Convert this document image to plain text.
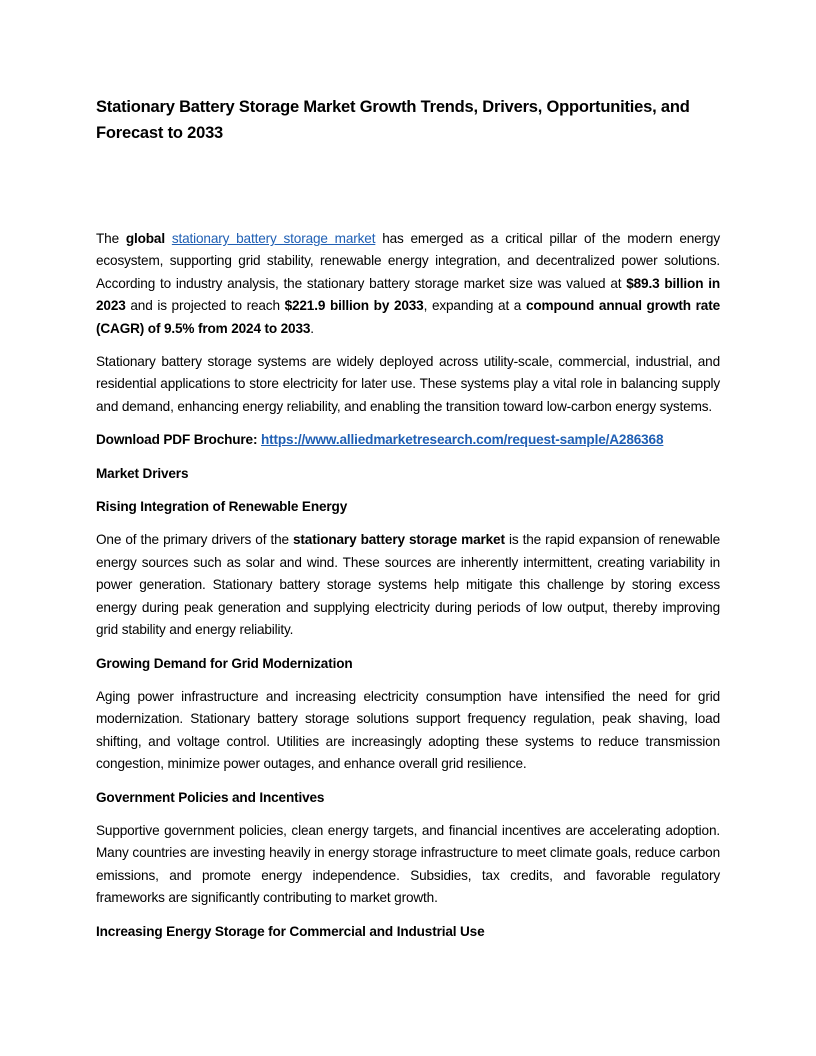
Stationary Battery Storage Market Growth Trends, Drivers, Opportunities, and Forecast to 2033

The global stationary battery storage market has emerged as a critical pillar of the modern energy ecosystem, supporting grid stability, renewable energy integration, and decentralized power solutions. According to industry analysis, the stationary battery storage market size was valued at $89.3 billion in 2023 and is projected to reach $221.9 billion by 2033, expanding at a compound annual growth rate (CAGR) of 9.5% from 2024 to 2033.

Stationary battery storage systems are widely deployed across utility-scale, commercial, industrial, and residential applications to store electricity for later use. These systems play a vital role in balancing supply and demand, enhancing energy reliability, and enabling the transition toward low-carbon energy systems.

Download PDF Brochure: https://www.alliedmarketresearch.com/request-sample/A286368

Market Drivers

Rising Integration of Renewable Energy

One of the primary drivers of the stationary battery storage market is the rapid expansion of renewable energy sources such as solar and wind. These sources are inherently intermittent, creating variability in power generation. Stationary battery storage systems help mitigate this challenge by storing excess energy during peak generation and supplying electricity during periods of low output, thereby improving grid stability and energy reliability.

Growing Demand for Grid Modernization

Aging power infrastructure and increasing electricity consumption have intensified the need for grid modernization. Stationary battery storage solutions support frequency regulation, peak shaving, load shifting, and voltage control. Utilities are increasingly adopting these systems to reduce transmission congestion, minimize power outages, and enhance overall grid resilience.

Government Policies and Incentives

Supportive government policies, clean energy targets, and financial incentives are accelerating adoption. Many countries are investing heavily in energy storage infrastructure to meet climate goals, reduce carbon emissions, and promote energy independence. Subsidies, tax credits, and favorable regulatory frameworks are significantly contributing to market growth.

Increasing Energy Storage for Commercial and Industrial Use
